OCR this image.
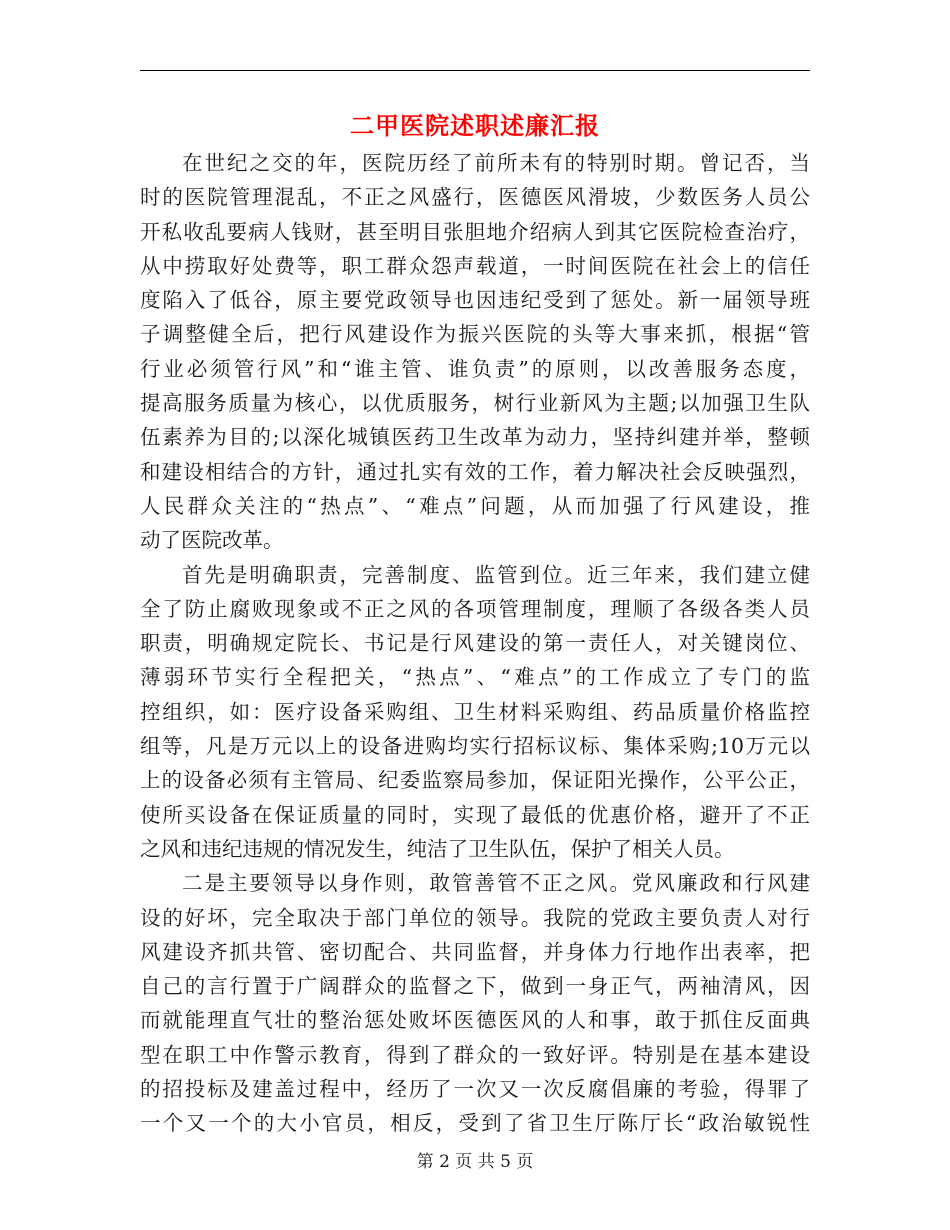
二甲医院述职述廉汇报
在世纪之交的年，医院历经了前所未有的特别时期。曾记否，当
时的医院管理混乱，不正之风盛行，医德医风滑坡，少数医务人员公
开私收乱要病人钱财，甚至明目张胆地介绍病人到其它医院检查治疗，
从中捞取好处费等，职工群众怨声载道，一时间医院在社会上的信任
度陷入了低谷，原主要党政领导也因违纪受到了惩处。新一届领导班
子调整健全后，把行风建设作为振兴医院的头等大事来抓，根据“管
行业必须管行风”和“谁主管、谁负责”的原则，以改善服务态度，
提高服务质量为核心，以优质服务，树行业新风为主题;以加强卫生队
伍素养为目的;以深化城镇医药卫生改革为动力，坚持纠建并举，整顿
和建设相结合的方针，通过扎实有效的工作，着力解决社会反映强烈，
人民群众关注的“热点”、“难点”问题，从而加强了行风建设，推
动了医院改革。
首先是明确职责，完善制度、监管到位。近三年来，我们建立健
全了防止腐败现象或不正之风的各项管理制度，理顺了各级各类人员
职责，明确规定院长、书记是行风建设的第一责任人，对关键岗位、
薄弱环节实行全程把关，“热点”、“难点”的工作成立了专门的监
控组织，如：医疗设备采购组、卫生材料采购组、药品质量价格监控
组等，凡是万元以上的设备进购均实行招标议标、集体采购;10万元以
上的设备必须有主管局、纪委监察局参加，保证阳光操作，公平公正，
使所买设备在保证质量的同时，实现了最低的优惠价格，避开了不正
之风和违纪违规的情况发生，纯洁了卫生队伍，保护了相关人员。
二是主要领导以身作则，敢管善管不正之风。党风廉政和行风建
设的好坏，完全取决于部门单位的领导。我院的党政主要负责人对行
风建设齐抓共管、密切配合、共同监督，并身体力行地作出表率，把
自己的言行置于广阔群众的监督之下，做到一身正气，两袖清风，因
而就能理直气壮的整治惩处败坏医德医风的人和事，敢于抓住反面典
型在职工中作警示教育，得到了群众的一致好评。特别是在基本建设
的招投标及建盖过程中，经历了一次又一次反腐倡廉的考验，得罪了
一个又一个的大小官员，相反，受到了省卫生厅陈厅长“政治敏锐性
第 2 页 共 5 页
